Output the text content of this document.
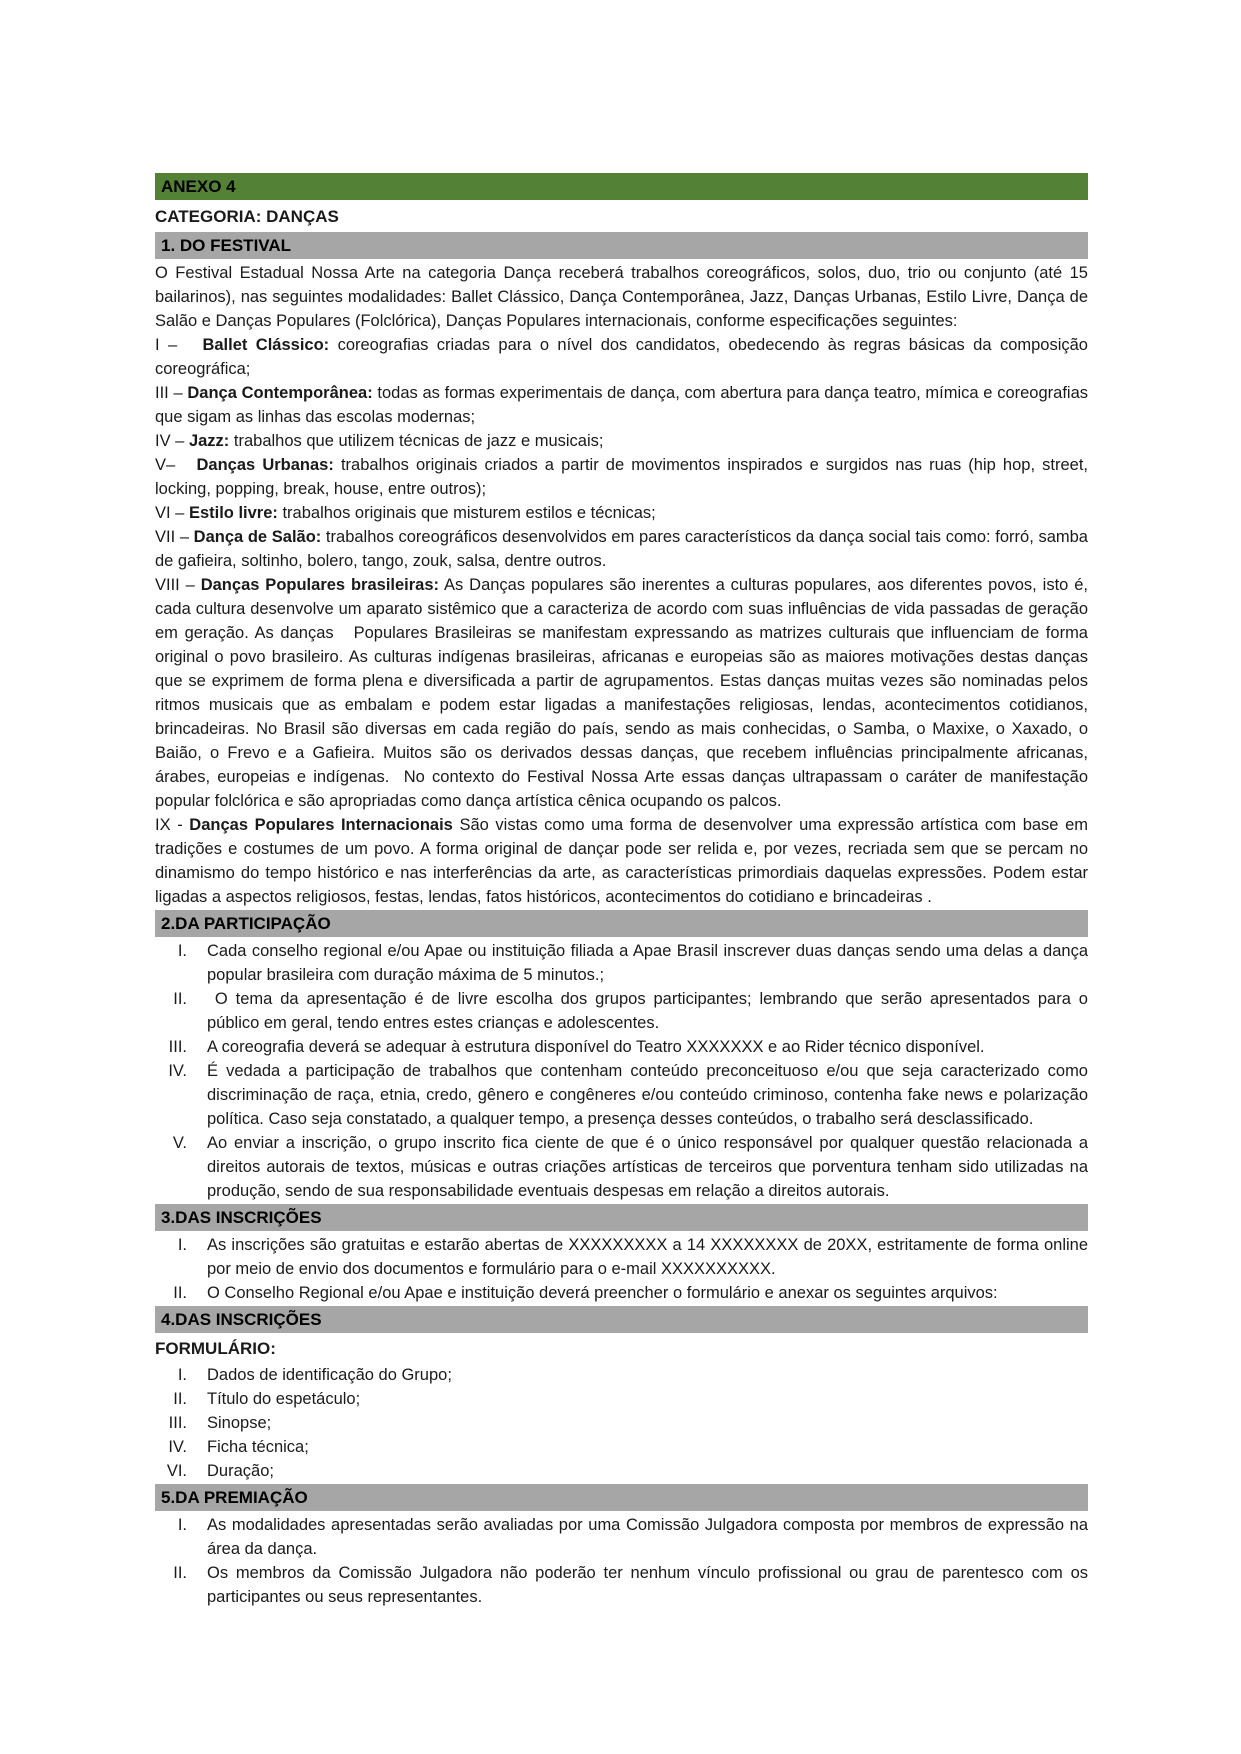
ANEXO 4
CATEGORIA: DANÇAS
1. DO FESTIVAL

O Festival Estadual Nossa Arte na categoria Dança receberá trabalhos coreográficos, solos, duo, trio ou conjunto (até 15 bailarinos), nas seguintes modalidades: Ballet Clássico, Dança Contemporânea, Jazz, Danças Urbanas, Estilo Livre, Dança de Salão e Danças Populares (Folclórica), Danças Populares internacionais, conforme especificações seguintes:

I –   Ballet Clássico: coreografias criadas para o nível dos candidatos, obedecendo às regras básicas da composição coreográfica;

III – Dança Contemporânea: todas as formas experimentais de dança, com abertura para dança teatro, mímica e coreografias que sigam as linhas das escolas modernas;

IV – Jazz: trabalhos que utilizem técnicas de jazz e musicais;

V–   Danças Urbanas: trabalhos originais criados a partir de movimentos inspirados e surgidos nas ruas (hip hop, street, locking, popping, break, house, entre outros);

VI – Estilo livre: trabalhos originais que misturem estilos e técnicas;

VII – Dança de Salão: trabalhos coreográficos desenvolvidos em pares característicos da dança social tais como: forró, samba de gafieira, soltinho, bolero, tango, zouk, salsa, dentre outros.

VIII – Danças Populares brasileiras: As Danças populares são inerentes a culturas populares, aos diferentes povos, isto é, cada cultura desenvolve um aparato sistêmico que a caracteriza de acordo com suas influências de vida passadas de geração em geração. As danças   Populares Brasileiras se manifestam expressando as matrizes culturais que influenciam de forma original o povo brasileiro. As culturas indígenas brasileiras, africanas e europeias são as maiores motivações destas danças que se exprimem de forma plena e diversificada a partir de agrupamentos. Estas danças muitas vezes são nominadas pelos ritmos musicais que as embalam e podem estar ligadas a manifestações religiosas, lendas, acontecimentos cotidianos, brincadeiras. No Brasil são diversas em cada região do país, sendo as mais conhecidas, o Samba, o Maxixe, o Xaxado, o Baião, o Frevo e a Gafieira. Muitos são os derivados dessas danças, que recebem influências principalmente africanas, árabes, europeias e indígenas.  No contexto do Festival Nossa Arte essas danças ultrapassam o caráter de manifestação popular folclórica e são apropriadas como dança artística cênica ocupando os palcos.

IX - Danças Populares Internacionais São vistas como uma forma de desenvolver uma expressão artística com base em tradições e costumes de um povo. A forma original de dançar pode ser relida e, por vezes, recriada sem que se percam no dinamismo do tempo histórico e nas interferências da arte, as características primordiais daquelas expressões. Podem estar ligadas a aspectos religiosos, festas, lendas, fatos históricos, acontecimentos do cotidiano e brincadeiras .

2.DA PARTICIPAÇÃO
I.	Cada conselho regional e/ou Apae ou instituição filiada a Apae Brasil inscrever duas danças sendo uma delas a dança popular brasileira com duração máxima de 5 minutos.;
II.	O tema da apresentação é de livre escolha dos grupos participantes; lembrando que serão apresentados para o público em geral, tendo entres estes crianças e adolescentes.
III.	A coreografia deverá se adequar à estrutura disponível do Teatro XXXXXXX e ao Rider técnico disponível.
IV.	É vedada a participação de trabalhos que contenham conteúdo preconceituoso e/ou que seja caracterizado como discriminação de raça, etnia, credo, gênero e congêneres e/ou conteúdo criminoso, contenha fake news e polarização política. Caso seja constatado, a qualquer tempo, a presença desses conteúdos, o trabalho será desclassificado.
V.	Ao enviar a inscrição, o grupo inscrito fica ciente de que é o único responsável por qualquer questão relacionada a direitos autorais de textos, músicas e outras criações artísticas de terceiros que porventura tenham sido utilizadas na produção, sendo de sua responsabilidade eventuais despesas em relação a direitos autorais.
3.DAS INSCRIÇÕES
I.	As inscrições são gratuitas e estarão abertas de XXXXXXXXX a 14 XXXXXXXX de 20XX, estritamente de forma online por meio de envio dos documentos e formulário para o e-mail XXXXXXXXXX.
II.	O Conselho Regional e/ou Apae e instituição deverá preencher o formulário e anexar os seguintes arquivos:
4.DAS INSCRIÇÕES

FORMULÁRIO:

I.	Dados de identificação do Grupo;
II.	Título do espetáculo;
III.	Sinopse;
IV.	Ficha técnica;
VI.	Duração;
5.DA PREMIAÇÃO
I.	As modalidades apresentadas serão avaliadas por uma Comissão Julgadora composta por membros de expressão na área da dança.
II.	Os membros da Comissão Julgadora não poderão ter nenhum vínculo profissional ou grau de parentesco com os participantes ou seus representantes.
